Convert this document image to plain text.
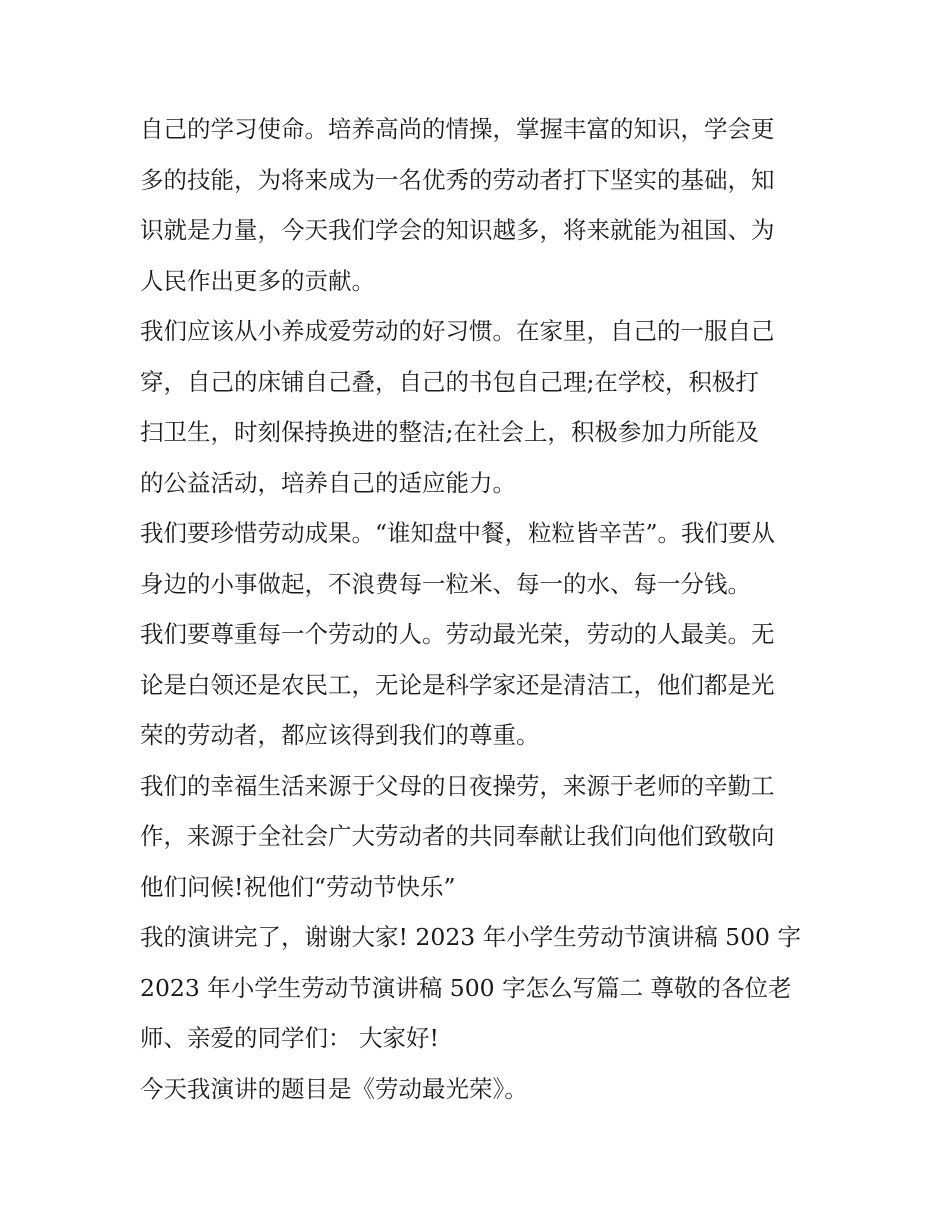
自己的学习使命。培养高尚的情操，掌握丰富的知识，学会更
多的技能，为将来成为一名优秀的劳动者打下坚实的基础，知
识就是力量，今天我们学会的知识越多，将来就能为祖国、为
人民作出更多的贡献。
我们应该从小养成爱劳动的好习惯。在家里，自己的一服自己
穿，自己的床铺自己叠，自己的书包自己理;在学校，积极打
扫卫生，时刻保持换进的整洁;在社会上，积极参加力所能及
的公益活动，培养自己的适应能力。
我们要珍惜劳动成果。“谁知盘中餐，粒粒皆辛苦”。我们要从
身边的小事做起，不浪费每一粒米、每一的水、每一分钱。
我们要尊重每一个劳动的人。劳动最光荣，劳动的人最美。无
论是白领还是农民工，无论是科学家还是清洁工，他们都是光
荣的劳动者，都应该得到我们的尊重。
我们的幸福生活来源于父母的日夜操劳，来源于老师的辛勤工
作，来源于全社会广大劳动者的共同奉献让我们向他们致敬向
他们问候!祝他们“劳动节快乐”
我的演讲完了，谢谢大家! 2023 年小学生劳动节演讲稿 500 字
2023 年小学生劳动节演讲稿 500 字怎么写篇二 尊敬的各位老
师、亲爱的同学们： 大家好!
今天我演讲的题目是《劳动最光荣》。
